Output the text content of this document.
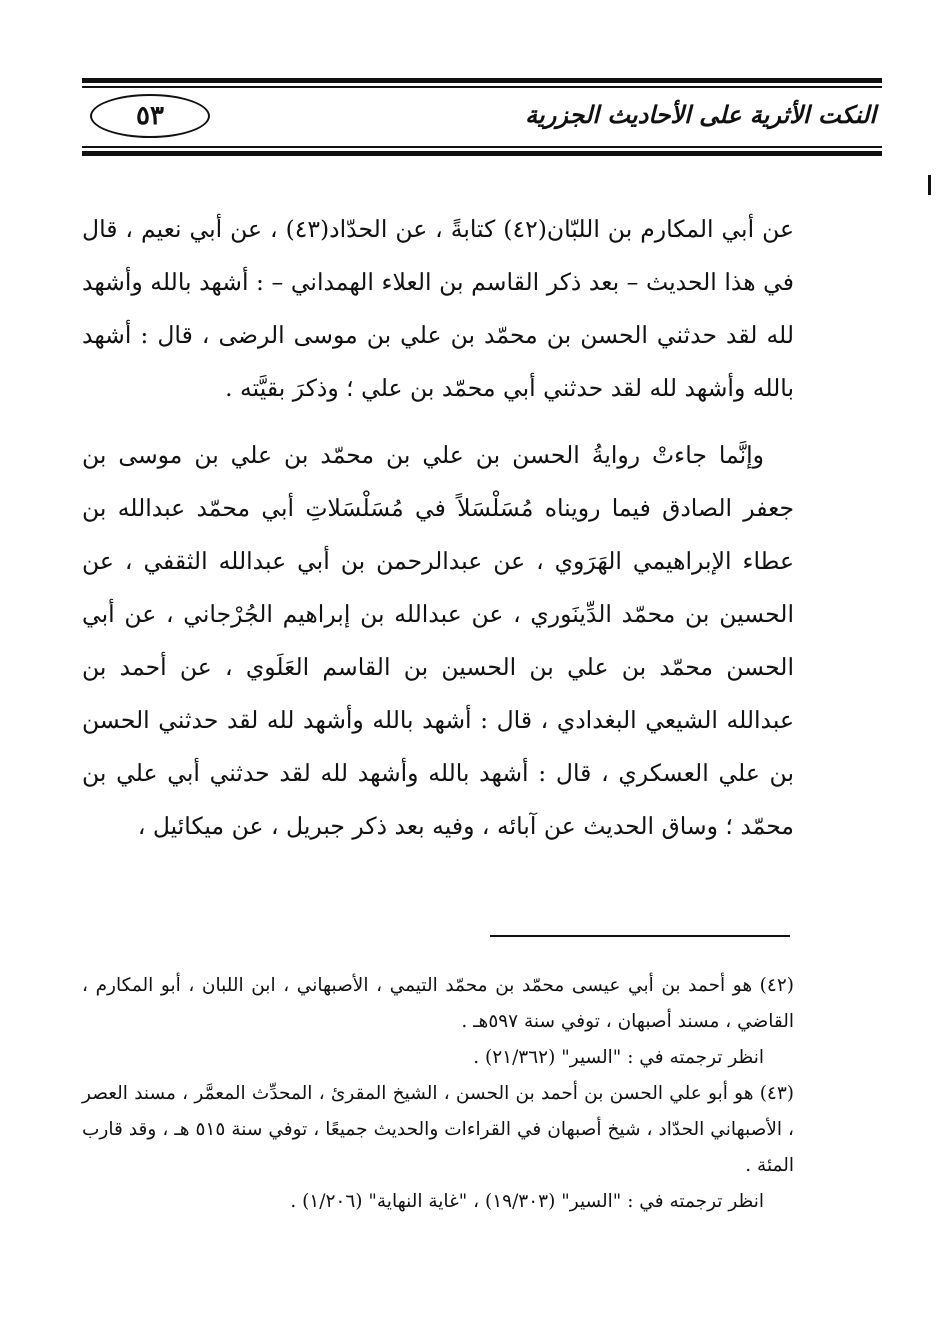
٥٣	النكت الأثرية على الأحاديث الجزرية

عن أبي المكارم بن اللبّان(٤٢) كتابةً ، عن الحدّاد(٤٣) ، عن أبي نعيم ، قال في هذا الحديث – بعد ذكر القاسم بن العلاء الهمداني – : أشهد بالله وأشهد لله لقد حدثني الحسن بن محمّد بن علي بن موسى الرضى ، قال : أشهد بالله وأشهد لله لقد حدثني أبي محمّد بن علي ؛ وذكرَ بقيَّته .

وإنَّما جاءتْ روايةُ الحسن بن علي بن محمّد بن علي بن موسى بن جعفر الصادق فيما رويناه مُسَلْسَلاً في مُسَلْسَلاتِ أبي محمّد عبدالله بن عطاء الإبراهيمي الهَرَوي ، عن عبدالرحمن بن أبي عبدالله الثقفي ، عن الحسين بن محمّد الدِّينَوري ، عن عبدالله بن إبراهيم الجُرْجاني ، عن أبي الحسن محمّد بن علي بن الحسين بن القاسم العَلَوي ، عن أحمد بن عبدالله الشيعي البغدادي ، قال : أشهد بالله وأشهد لله لقد حدثني الحسن بن علي العسكري ، قال : أشهد بالله وأشهد لله لقد حدثني أبي علي بن محمّد ؛ وساق الحديث عن آبائه ، وفيه بعد ذكر جبريل ، عن ميكائيل ،

(٤٢) هو أحمد بن أبي عيسى محمّد بن محمّد التيمي ، الأصبهاني ، ابن اللبان ، أبو المكارم ، القاضي ، مسند أصبهان ، توفي سنة ٥٩٧هـ .

انظر ترجمته في : "السير" (٢١/٣٦٢) .

(٤٣) هو أبو علي الحسن بن أحمد بن الحسن ، الشيخ المقرئ ، المحدِّث المعمَّر ، مسند العصر ، الأصبهاني الحدّاد ، شيخ أصبهان في القراءات والحديث جميعًا ، توفي سنة ٥١٥ هـ ، وقد قارب المئة .

انظر ترجمته في : "السير" (١٩/٣٠٣) ، "غاية النهاية" (١/٢٠٦) .
